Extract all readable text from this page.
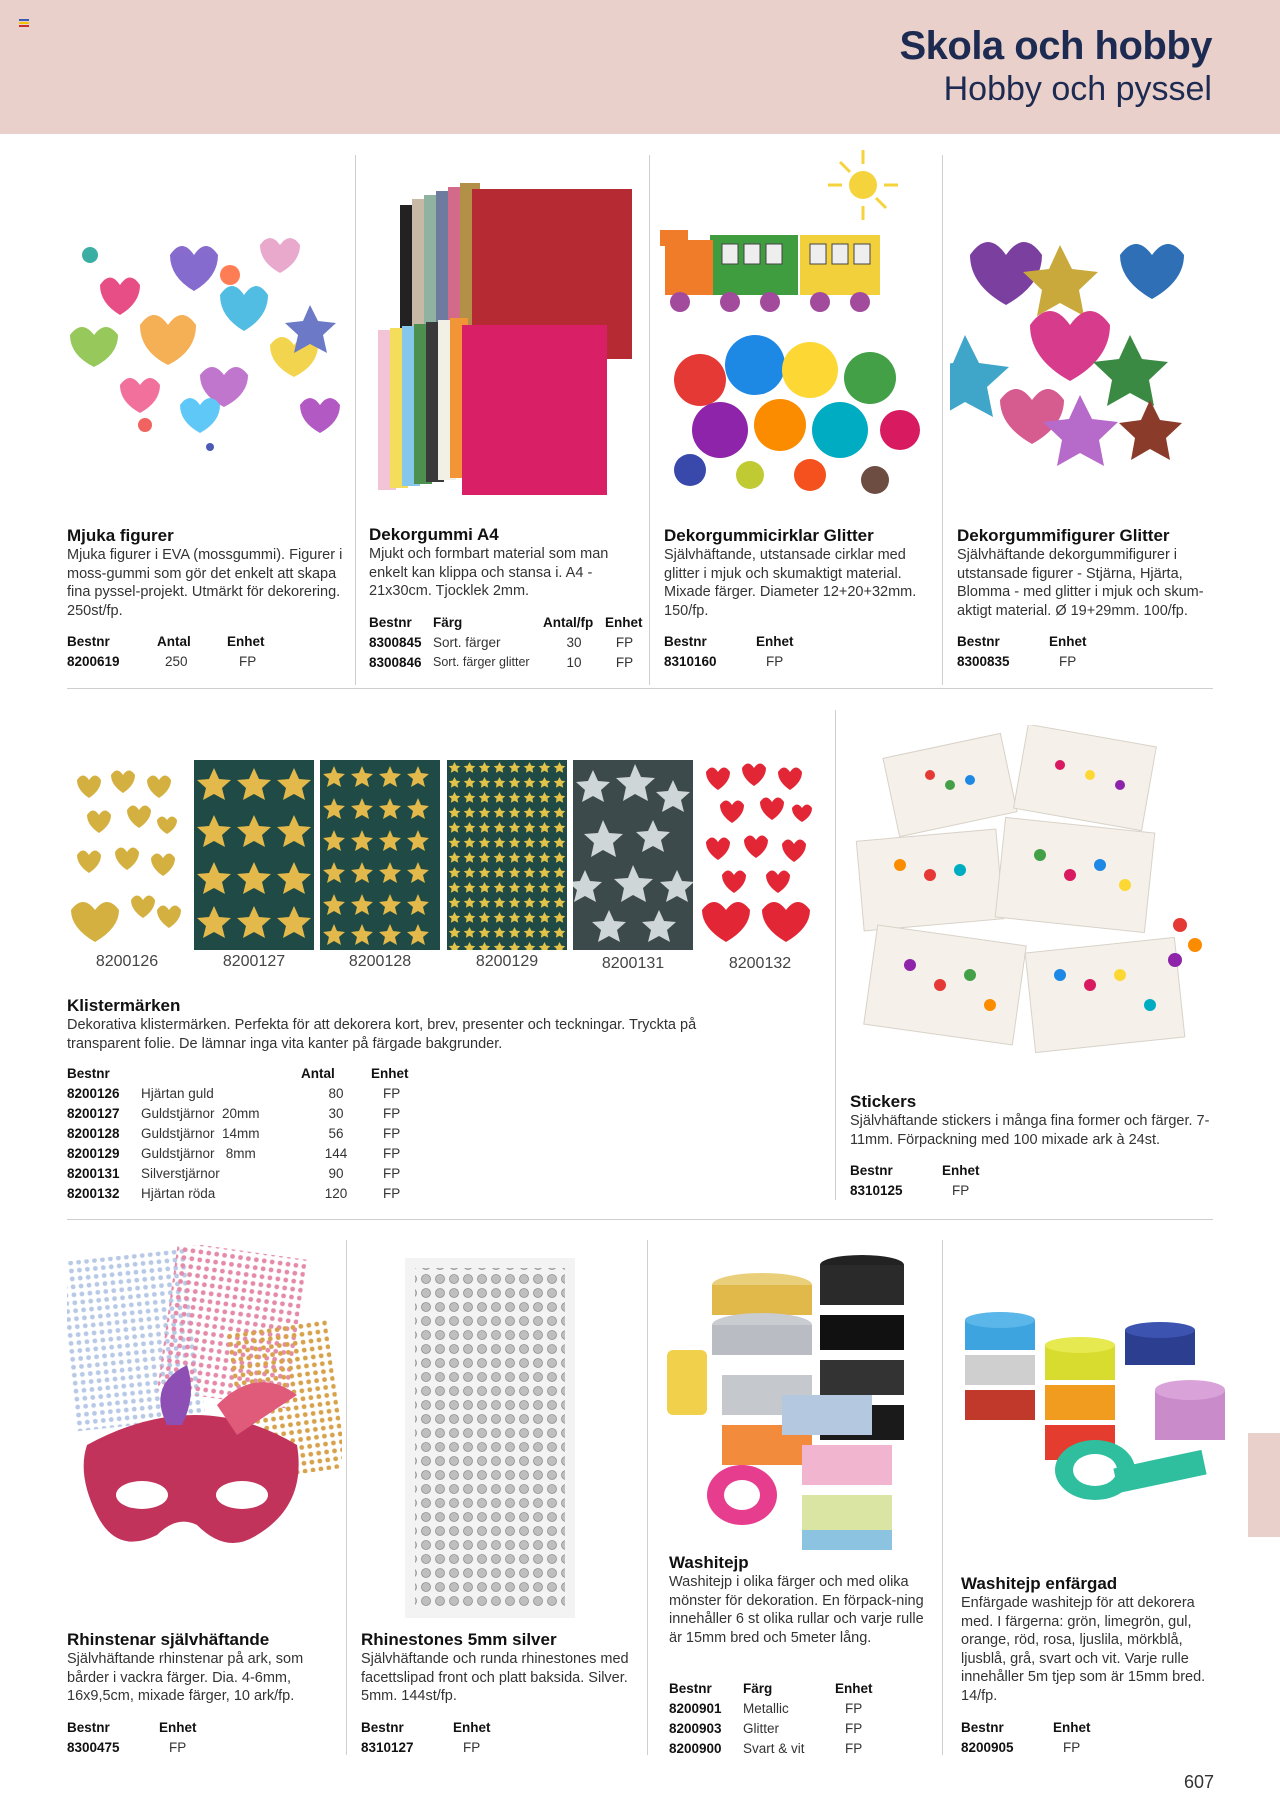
Skola och hobby
Hobby och pyssel
Mjuka figurer
Mjuka figurer i EVA (mossgummi). Figurer i moss-gummi som gör det enkelt att skapa fina pyssel-projekt. Utmärkt för dekorering. 250st/fp.
Bestnr	Antal	Enhet
8200619	250	FP
Dekorgummi A4
Mjukt och formbart material som man enkelt kan klippa och stansa i. A4 - 21x30cm. Tjocklek 2mm.
Bestnr	Färg	Antal/fp	Enhet
8300845	Sort. färger	30	FP
8300846	Sort. färger glitter	10	FP
Dekorgummicirklar Glitter
Självhäftande, utstansade cirklar med glitter i mjuk och skumaktigt material. Mixade färger. Diameter 12+20+32mm. 150/fp.
Bestnr	Enhet
8310160	FP
Dekorgummifigurer Glitter
Självhäftande dekorgummifigurer i utstansade figurer - Stjärna, Hjärta, Blomma - med glitter i mjuk och skum-aktigt material. Ø 19+29mm. 100/fp.
Bestnr	Enhet
8300835	FP
8200126	8200127	8200128	8200129	8200131	8200132
Klistermärken
Dekorativa klistermärken. Perfekta för att dekorera kort, brev, presenter och teckningar. Tryckta på transparent folie. De lämnar inga vita kanter på färgade bakgrunder.
Bestnr		Antal	Enhet
8200126	Hjärtan guld	80	FP
8200127	Guldstjärnor  20mm	30	FP
8200128	Guldstjärnor  14mm	56	FP
8200129	Guldstjärnor   8mm	144	FP
8200131	Silverstjärnor	90	FP
8200132	Hjärtan röda	120	FP
Stickers
Självhäftande stickers i många fina former och färger. 7-11mm. Förpackning med 100 mixade ark à 24st.
Bestnr	Enhet
8310125	FP
Rhinstenar självhäftande
Självhäftande rhinstenar på ark, som bårder i vackra färger. Dia. 4-6mm, 16x9,5cm, mixade färger, 10 ark/fp.
Bestnr	Enhet
8300475	FP
Rhinestones 5mm silver
Självhäftande och runda rhinestones med facettslipad front och platt baksida. Silver. 5mm. 144st/fp.
Bestnr	Enhet
8310127	FP
Washitejp
Washitejp i olika färger och med olika mönster för dekoration. En förpack-ning innehåller 6 st olika rullar och varje rulle är 15mm bred och 5meter lång.
Bestnr	Färg	Enhet
8200901	Metallic	FP
8200903	Glitter	FP
8200900	Svart & vit	FP
Washitejp enfärgad
Enfärgade washitejp för att dekorera med. I färgerna: grön, limegrön, gul, orange, röd, rosa, ljuslila, mörkblå, ljusblå, grå, svart och vit. Varje rulle innehåller 5m tjep som är 15mm bred. 14/fp.
Bestnr	Enhet
8200905	FP
607
